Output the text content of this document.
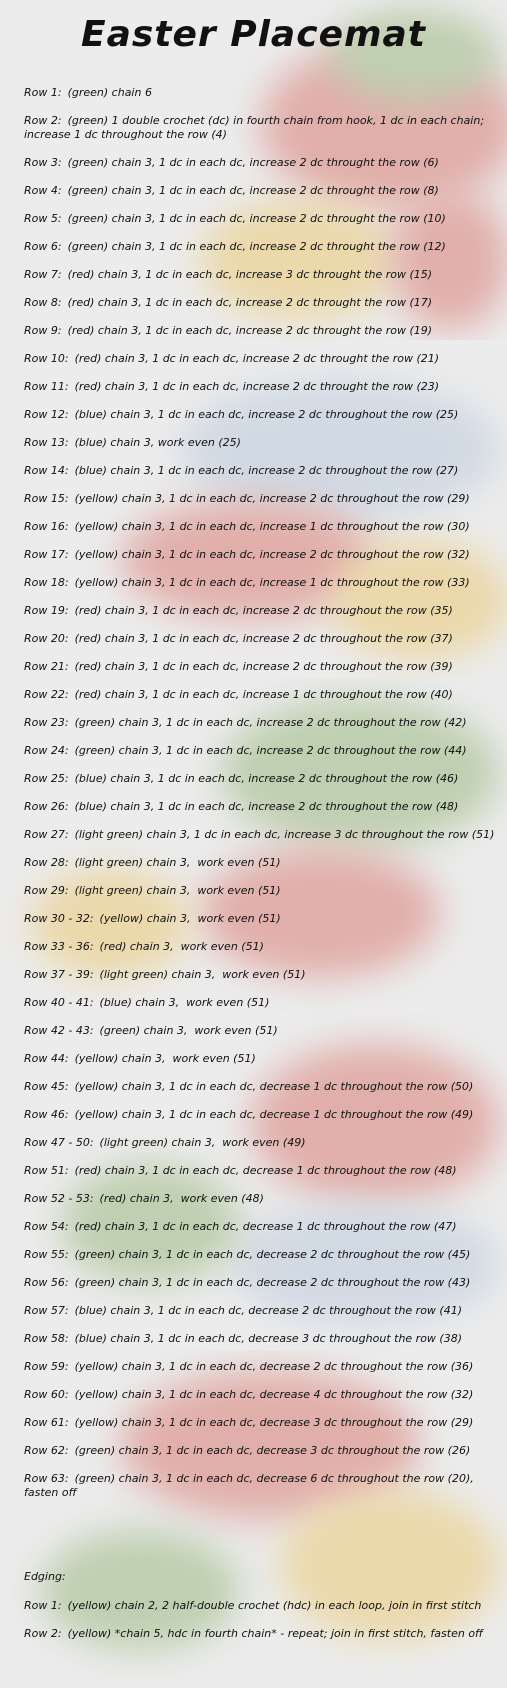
Easter Placemat
Row 1: (green) chain 6
Row 2: (green) 1 double crochet (dc) in fourth chain from hook, 1 dc in each chain; increase 1 dc throughout the row (4)
Row 3: (green) chain 3, 1 dc in each dc, increase 2 dc throught the row (6)
Row 4: (green) chain 3, 1 dc in each dc, increase 2 dc throught the row (8)
Row 5: (green) chain 3, 1 dc in each dc, increase 2 dc throught the row (10)
Row 6: (green) chain 3, 1 dc in each dc, increase 2 dc throught the row (12)
Row 7: (red) chain 3, 1 dc in each dc, increase 3 dc throught the row (15)
Row 8: (red) chain 3, 1 dc in each dc, increase 2 dc throught the row (17)
Row 9: (red) chain 3, 1 dc in each dc, increase 2 dc throught the row (19)
Row 10: (red) chain 3, 1 dc in each dc, increase 2 dc throught the row (21)
Row 11: (red) chain 3, 1 dc in each dc, increase 2 dc throught the row (23)
Row 12: (blue) chain 3, 1 dc in each dc, increase 2 dc throughout the row (25)
Row 13: (blue) chain 3, work even (25)
Row 14: (blue) chain 3, 1 dc in each dc, increase 2 dc throughout the row (27)
Row 15: (yellow) chain 3, 1 dc in each dc, increase 2 dc throughout the row (29)
Row 16: (yellow) chain 3, 1 dc in each dc, increase 1 dc throughout the row (30)
Row 17: (yellow) chain 3, 1 dc in each dc, increase 2 dc throughout the row (32)
Row 18: (yellow) chain 3, 1 dc in each dc, increase 1 dc throughout the row (33)
Row 19: (red) chain 3, 1 dc in each dc, increase 2 dc throughout the row (35)
Row 20: (red) chain 3, 1 dc in each dc, increase 2 dc throughout the row (37)
Row 21: (red) chain 3, 1 dc in each dc, increase 2 dc throughout the row (39)
Row 22: (red) chain 3, 1 dc in each dc, increase 1 dc throughout the row (40)
Row 23: (green) chain 3, 1 dc in each dc, increase 2 dc throughout the row (42)
Row 24: (green) chain 3, 1 dc in each dc, increase 2 dc throughout the row (44)
Row 25: (blue) chain 3, 1 dc in each dc, increase 2 dc throughout the row (46)
Row 26: (blue) chain 3, 1 dc in each dc, increase 2 dc throughout the row (48)
Row 27: (light green) chain 3, 1 dc in each dc, increase 3 dc throughout the row (51)
Row 28: (light green) chain 3,  work even (51)
Row 29: (light green) chain 3,  work even (51)
Row 30 - 32: (yellow) chain 3,  work even (51)
Row 33 - 36: (red) chain 3,  work even (51)
Row 37 - 39: (light green) chain 3,  work even (51)
Row 40 - 41: (blue) chain 3,  work even (51)
Row 42 - 43: (green) chain 3,  work even (51)
Row 44: (yellow) chain 3,  work even (51)
Row 45: (yellow) chain 3, 1 dc in each dc, decrease 1 dc throughout the row (50)
Row 46: (yellow) chain 3, 1 dc in each dc, decrease 1 dc throughout the row (49)
Row 47 - 50: (light green) chain 3,  work even (49)
Row 51: (red) chain 3, 1 dc in each dc, decrease 1 dc throughout the row (48)
Row 52 - 53: (red) chain 3,  work even (48)
Row 54: (red) chain 3, 1 dc in each dc, decrease 1 dc throughout the row (47)
Row 55: (green) chain 3, 1 dc in each dc, decrease 2 dc throughout the row (45)
Row 56: (green) chain 3, 1 dc in each dc, decrease 2 dc throughout the row (43)
Row 57: (blue) chain 3, 1 dc in each dc, decrease 2 dc throughout the row (41)
Row 58: (blue) chain 3, 1 dc in each dc, decrease 3 dc throughout the row (38)
Row 59: (yellow) chain 3, 1 dc in each dc, decrease 2 dc throughout the row (36)
Row 60: (yellow) chain 3, 1 dc in each dc, decrease 4 dc throughout the row (32)
Row 61: (yellow) chain 3, 1 dc in each dc, decrease 3 dc throughout the row (29)
Row 62: (green) chain 3, 1 dc in each dc, decrease 3 dc throughout the row (26)
Row 63: (green) chain 3, 1 dc in each dc, decrease 6 dc throughout the row (20), fasten off
Edging:
Row 1: (yellow) chain 2, 2 half-double crochet (hdc) in each loop, join in first stitch
Row 2: (yellow) *chain 5, hdc in fourth chain* - repeat; join in first stitch, fasten off
